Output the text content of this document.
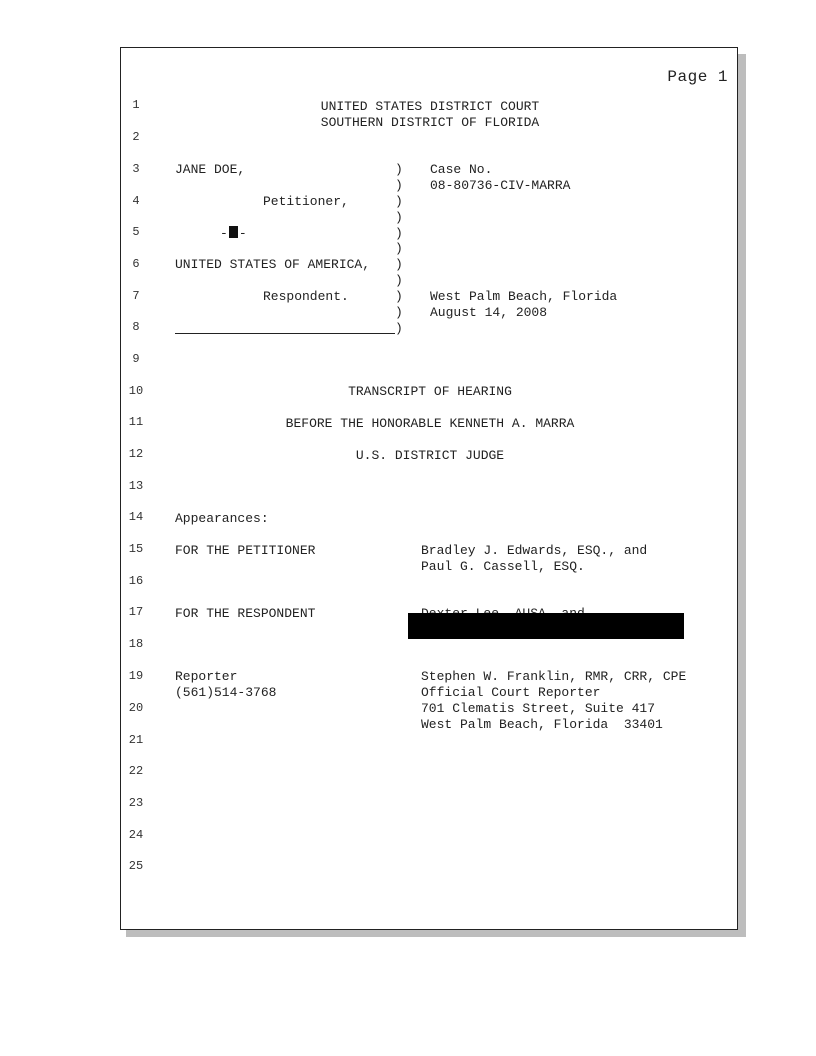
Page 1
1
2
3
4
5
6
7
8
9
10
11
12
13
14
15
16
17
18
19
20
21
22
23
24
25
UNITED STATES DISTRICT COURT
SOUTHERN DISTRICT OF FLORIDA
JANE DOE,
Petitioner,
- -
UNITED STATES OF AMERICA,
Respondent.
)
)
)
)
)
)
)
)
)
)
)
Case No.
08-80736-CIV-MARRA
West Palm Beach, Florida
August 14, 2008
TRANSCRIPT OF HEARING
BEFORE THE HONORABLE KENNETH A. MARRA
U.S. DISTRICT JUDGE
Appearances:
FOR THE PETITIONER	Bradley J. Edwards, ESQ., and
Paul G. Cassell, ESQ.
FOR THE RESPONDENT
Reporter
(561)514-3768
Stephen W. Franklin, RMR, CRR, CPE
Official Court Reporter
701 Clematis Street, Suite 417
West Palm Beach, Florida  33401
